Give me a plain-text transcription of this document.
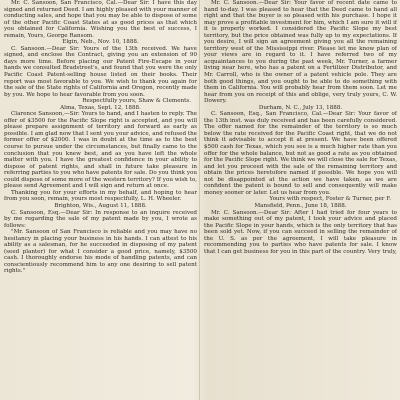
Mr. C. Sansoon, San Francisco, Cal.—Dear Sir: I have this day signed and returned Deed. I am highly pleased with your manner of conducting sales, and hope that you may be able to dispose of some of the other Pacific Coast States at as good prices as that which you obtained for California. Wishing you the best of success, I remain, Yours, George Ransom.

Elgin, Neb., Nov. 10, 1888.

C. Sansoon.—Dear Sir: Yours of the 13th received. We have signed, and enclose the Contract, giving you an extension of 90 days more time. Before placing our Patent Fire-Escape in your hands we consulted Bradstreet's, and found that you were the only Pacific Coast Patent-selling house listed on their books. Their report was most favorable to you. We wish to thank you again for the sale of the State rights of California and Oregon, recently made by you. We hope to hear favorable from you soon.

Respectfully yours, Shaw & Clements.

Alma, Texas, Sept. 12, 1888.

Clarence Sansoon,—Sir: Yours to hand, and I hasten to reply. The offer of $3500 for the Pacific Slope right is accepted, and you will please prepare assignment of territory and forward as early as possible. I am glad now that I sent you your advice, and refused the former offer of $2000. I was in doubt at the time as to the best course to pursue under the circumstances, but finally came to the conclusion that you knew best, and as you have left the whole matter with you. I have the greatest confidence in your ability to dispose of patent rights, and shall in future take pleasure in referring parties to you who have patents for sale. Do you think you could dispose of some more of the western territory? If you wish to, please send Agreement and I will sign and return at once.

Thanking you for your efforts in my behalf, and hoping to hear from you soon, remain, yours most respectfully, L. H. Wheeler.

Brighton, Wis., August 11, 1888.

C. Sansoon, Esq.—Dear Sir: In response to an inquire received by me regarding the sale of my patent made by you, I wrote as follows:

"Mr. Sansoon of San Francisco is reliable and you may have no hesitancy in placing your business in his hands. I can attest to his ability as a salesman, for he succeeded in disposing of my patent (seed planter) for what I consider a good price, namely, $3500 cash. I thoroughly endorse his mode of handling patents, and can conscientiously recommend him to any one desiring to sell patent rights."

Mr. C. Sansoon.—Dear Sir: Your favor of recent date came to hand to-day. I was pleased to hear that the Deed came to hand all right and that the buyer is so pleased with his purchase. I hope it may prove a profitable investment for him, which I am sure it will if it is properly worked. I considered the Pacific Slope my best territory, but the price obtained was fully up to my expectations. If you desire, I will sign an agreement giving you all the remaining territory west of the Mississippi river. Please let me know plan of your views are in regard to it. I have referred two of my acquaintances to you during the past week, Mr. Turner, a farmer living near here, who has a patent on a Fertilizer Distributor, and Mr. Carroll, who is the owner of a patent vehicle pole. They are both good things, and you ought to be able to do something with them in California. You will probably hear from them soon. Let me hear from you on receipt of this and oblige, very truly yours, C. W. Dowery.

Durham, N. C., July 13, 1888.

C. Sansoon, Esq., San Francisco, Cal.—Dear Sir: Your favor of the 13th inst. was duly received and has been carefully considered. The offer named for the remainder of the territory is so much below the rate received for the Pacific Coast right, that we do not think it advisable to accept it at present. We have been offered $500 cash for Texas, which you see is a much higher rate than you offer for the whole balance, but not as good a rate as you obtained for the Pacific Slope right. We think we will close the sale for Texas, and let you proceed with the sale of the remaining territory and obtain the prices heretofore named if possible. We hope you will not be disappointed at the action we have taken, as we are confident the patent is bound to sell and consequently will make money sooner or later. Let us hear from you.

Yours with respect, Foster & Turner, per F.

Mansfield, Penn., June 18, 1888.

Mr. C. Sansoon.—Dear Sir: After I had tried for four years to make something out of my patent, I took your advice and placed the Pacific Slope in your hands, which is the only territory that has been sold yet. Now, if you can succeed in selling the remainder of the U. S. as per the agreement, I will take pleasure in recommending you to parties who have patents for sale. I know that I can get business for you in this part of the country. Very truly,
